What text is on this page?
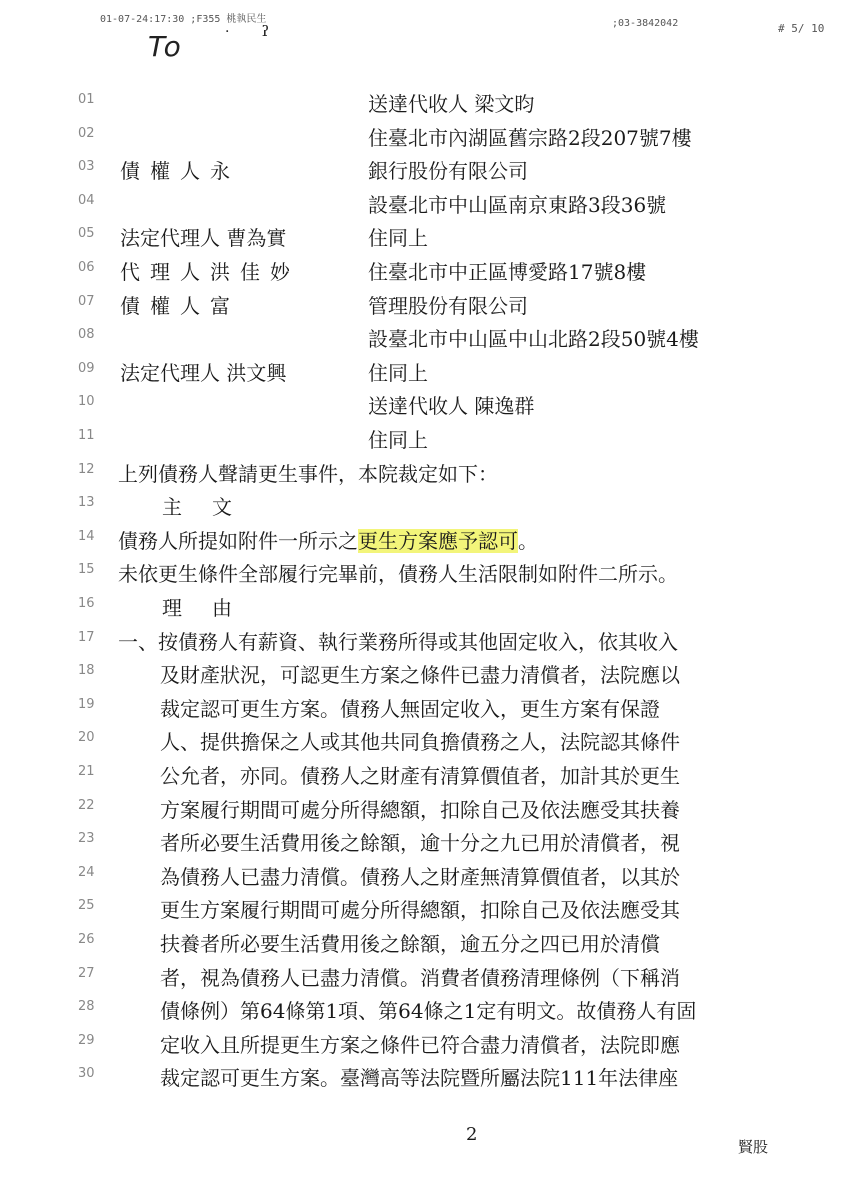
01-07-24:17:30 ;F355 桃執民生	;03-3842042	# 5/ 10
To	· ˀ
01	送達代收人 梁文昀
02	住臺北市內湖區舊宗路2段207號7樓
03	債權人永	銀行股份有限公司
04	設臺北市中山區南京東路3段36號
05	法定代理人 曹為實	住同上
06	代理人洪佳妙	住臺北市中正區博愛路17號8樓
07	債權人富	管理股份有限公司
08	設臺北市中山區中山北路2段50號4樓
09	法定代理人 洪文興	住同上
10	送達代收人 陳逸群
11	住同上
12	上列債務人聲請更生事件，本院裁定如下：
13	主文
14	債務人所提如附件一所示之更生方案應予認可。
15	未依更生條件全部履行完畢前，債務人生活限制如附件二所示。
16	理由
17	一、按債務人有薪資、執行業務所得或其他固定收入，依其收入
18	及財產狀況，可認更生方案之條件已盡力清償者，法院應以
19	裁定認可更生方案。債務人無固定收入，更生方案有保證
20	人、提供擔保之人或其他共同負擔債務之人，法院認其條件
21	公允者，亦同。債務人之財產有清算價值者，加計其於更生
22	方案履行期間可處分所得總額，扣除自己及依法應受其扶養
23	者所必要生活費用後之餘額，逾十分之九已用於清償者，視
24	為債務人已盡力清償。債務人之財產無清算價值者，以其於
25	更生方案履行期間可處分所得總額，扣除自己及依法應受其
26	扶養者所必要生活費用後之餘額，逾五分之四已用於清償
27	者，視為債務人已盡力清償。消費者債務清理條例（下稱消
28	債條例）第64條第1項、第64條之1定有明文。故債務人有固
29	定收入且所提更生方案之條件已符合盡力清償者，法院即應
30	裁定認可更生方案。臺灣高等法院暨所屬法院111年法律座
2
賢股
